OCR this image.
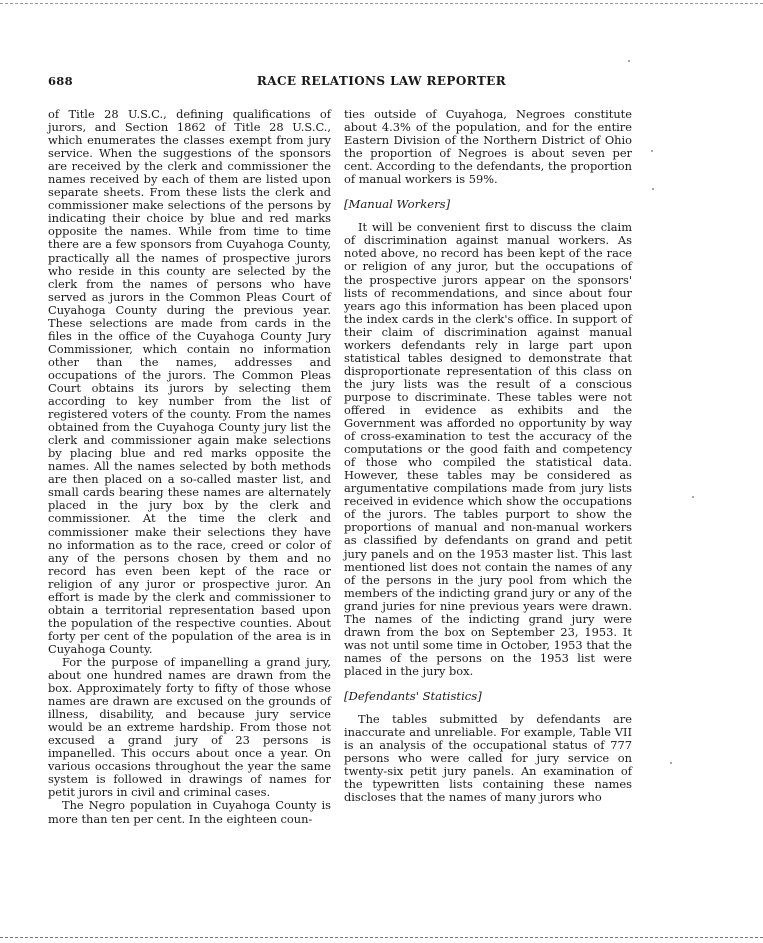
688	RACE RELATIONS LAW REPORTER

of Title 28 U.S.C., defining qualifications of jurors, and Section 1862 of Title 28 U.S.C., which enumerates the classes exempt from jury service. When the suggestions of the sponsors are received by the clerk and commissioner the names received by each of them are listed upon separate sheets. From these lists the clerk and commissioner make selections of the persons by indicating their choice by blue and red marks opposite the names. While from time to time there are a few sponsors from Cuyahoga County, practically all the names of prospective jurors who reside in this county are selected by the clerk from the names of persons who have served as jurors in the Common Pleas Court of Cuyahoga County during the previous year. These selections are made from cards in the files in the office of the Cuyahoga County Jury Commissioner, which contain no information other than the names, addresses and occupations of the jurors. The Common Pleas Court obtains its jurors by selecting them according to key number from the list of registered voters of the county. From the names obtained from the Cuyahoga County jury list the clerk and commissioner again make selections by placing blue and red marks opposite the names. All the names selected by both methods are then placed on a so-called master list, and small cards bearing these names are alternately placed in the jury box by the clerk and commissioner. At the time the clerk and commissioner make their selections they have no information as to the race, creed or color of any of the persons chosen by them and no record has even been kept of the race or religion of any juror or prospective juror. An effort is made by the clerk and commissioner to obtain a territorial representation based upon the population of the respective counties. About forty per cent of the population of the area is in Cuyahoga County.

For the purpose of impanelling a grand jury, about one hundred names are drawn from the box. Approximately forty to fifty of those whose names are drawn are excused on the grounds of illness, disability, and because jury service would be an extreme hardship. From those not excused a grand jury of 23 persons is impanelled. This occurs about once a year. On various occasions throughout the year the same system is followed in drawings of names for petit jurors in civil and criminal cases.

The Negro population in Cuyahoga County is more than ten per cent. In the eighteen coun-

ties outside of Cuyahoga, Negroes constitute about 4.3% of the population, and for the entire Eastern Division of the Northern District of Ohio the proportion of Negroes is about seven per cent. According to the defendants, the proportion of manual workers is 59%.

[Manual Workers]

It will be convenient first to discuss the claim of discrimination against manual workers. As noted above, no record has been kept of the race or religion of any juror, but the occupations of the prospective jurors appear on the sponsors' lists of recommendations, and since about four years ago this information has been placed upon the index cards in the clerk's office. In support of their claim of discrimination against manual workers defendants rely in large part upon statistical tables designed to demonstrate that disproportionate representation of this class on the jury lists was the result of a conscious purpose to discriminate. These tables were not offered in evidence as exhibits and the Government was afforded no opportunity by way of cross-examination to test the accuracy of the computations or the good faith and competency of those who compiled the statistical data. However, these tables may be considered as argumentative compilations made from jury lists received in evidence which show the occupations of the jurors. The tables purport to show the proportions of manual and non-manual workers as classified by defendants on grand and petit jury panels and on the 1953 master list. This last mentioned list does not contain the names of any of the persons in the jury pool from which the members of the indicting grand jury or any of the grand juries for nine previous years were drawn. The names of the indicting grand jury were drawn from the box on September 23, 1953. It was not until some time in October, 1953 that the names of the persons on the 1953 list were placed in the jury box.

[Defendants' Statistics]

The tables submitted by defendants are inaccurate and unreliable. For example, Table VII is an analysis of the occupational status of 777 persons who were called for jury service on twenty-six petit jury panels. An examination of the typewritten lists containing these names discloses that the names of many jurors who
